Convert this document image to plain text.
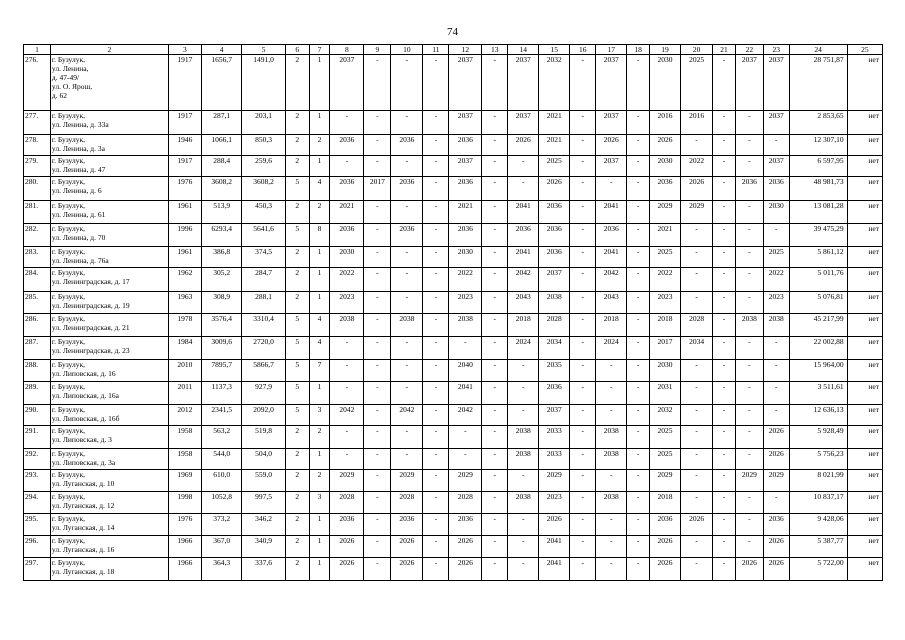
74
1	2	3	4	5	6	7	8	9	10	11	12	13	14	15	16	17	18	19	20	21	22	23	24	25
276.	г. Бузулук,
ул. Ленина,
д. 47-49/
ул. О. Ярош,
д. 62	1917	1656,7	1491,0	2	1	2037	-	-	-	2037	-	2037	2032	-	2037	-	2030	2025	-	2037	2037	28 751,87	нет
277.	г. Бузулук,
ул. Ленина, д. 33а	1917	287,1	203,1	2	1	-	-	-	-	2037	-	2037	2021	-	2037	-	2016	2016	-	-	2037	2 853,65	нет
278.	г. Бузулук,
ул. Ленина, д. 3а	1946	1066,1	850,3	2	2	2036	-	2036	-	2036	-	2026	2021	-	2026	-	2026	-	-	-	-	12 307,10	нет
279.	г. Бузулук,
ул. Ленина, д. 47	1917	288,4	259,6	2	1	-	-	-	-	2037	-	-	2025	-	2037	-	2030	2022	-	-	2037	6 597,95	нет
280.	г. Бузулук,
ул. Ленина, д. 6	1976	3608,2	3608,2	5	4	2036	2017	2036	-	2036	-	-	2026	-	-	-	2036	2026	-	2036	2036	48 981,73	нет
281.	г. Бузулук,
ул. Ленина, д. 61	1961	513,9	450,3	2	2	2021	-	-	-	2021	-	2041	2036	-	2041	-	2029	2029	-	-	2030	13 081,28	нет
282.	г. Бузулук,
ул. Ленина, д. 70	1996	6293,4	5641,6	5	8	2036	-	2036	-	2036	-	2036	2036	-	2036	-	2021	-	-	-	-	39 475,29	нет
283.	г. Бузулук,
ул. Ленина, д. 76а	1961	386,8	374,5	2	1	2030	-	-	-	2030	-	2041	2036	-	2041	-	2025	-	-	-	2025	5 861,12	нет
284.	г. Бузулук,
ул. Ленинградская, д. 17	1962	305,2	284,7	2	1	2022	-	-	-	2022	-	2042	2037	-	2042	-	2022	-	-	-	2022	5 011,76	нет
285.	г. Бузулук,
ул. Ленинградская, д. 19	1963	308,9	288,1	2	1	2023	-	-	-	2023	-	2043	2038	-	2043	-	2023	-	-	-	2023	5 076,81	нет
286.	г. Бузулук,
ул. Ленинградская, д. 21	1978	3576,4	3310,4	5	4	2038	-	2038	-	2038	-	2018	2028	-	2018	-	2018	2028	-	2038	2038	45 217,99	нет
287.	г. Бузулук,
ул. Ленинградская, д. 23	1984	3009,6	2720,0	5	4	-	-	-	-	-	-	2024	2034	-	2024	-	2017	2034	-	-	-	22 002,88	нет
288.	г. Бузулук,
ул. Липовская, д. 16	2010	7895,7	5866,7	5	7	-	-	-	-	2040	-	-	2035	-	-	-	2030	-	-	-	-	15 964,00	нет
289.	г. Бузулук,
ул. Липовская, д. 16а	2011	1137,3	927,9	5	1	-	-	-	-	2041	-	-	2036	-	-	-	2031	-	-	-	-	3 511,61	нет
290.	г. Бузулук,
ул. Липовская, д. 16б	2012	2341,5	2092,0	5	3	2042	-	2042	-	2042	-	-	2037	-	-	-	2032	-	-	-	-	12 636,13	нет
291.	г. Бузулук,
ул. Липовская, д. 3	1958	563,2	519,8	2	2	-	-	-	-	-	-	2038	2033	-	2038	-	2025	-	-	-	2026	5 928,49	нет
292.	г. Бузулук,
ул. Липовская, д. 3а	1958	544,0	504,0	2	1	-	-	-	-	-	-	2038	2033	-	2038	-	2025	-	-	-	2026	5 756,23	нет
293.	г. Бузулук,
ул. Луганская, д. 10	1969	610,0	559,0	2	2	2029	-	2029	-	2029	-	-	2029	-	-	-	2029	-	-	2029	2029	8 021,99	нет
294.	г. Бузулук,
ул. Луганская, д. 12	1998	1052,8	997,5	2	3	2028	-	2028	-	2028	-	2038	2023	-	2038	-	2018	-	-	-	-	10 837,17	нет
295.	г. Бузулук,
ул. Луганская, д. 14	1976	373,2	346,2	2	1	2036	-	2036	-	2036	-	-	2026	-	-	-	2036	2026	-	-	2036	9 428,06	нет
296.	г. Бузулук,
ул. Луганская, д. 16	1966	367,0	340,9	2	1	2026	-	2026	-	2026	-	-	2041	-	-	-	2026	-	-	-	2026	5 387,77	нет
297.	г. Бузулук,
ул. Луганская, д. 18	1966	364,3	337,6	2	1	2026	-	2026	-	2026	-	-	2041	-	-	-	2026	-	-	2026	2026	5 722,00	нет
